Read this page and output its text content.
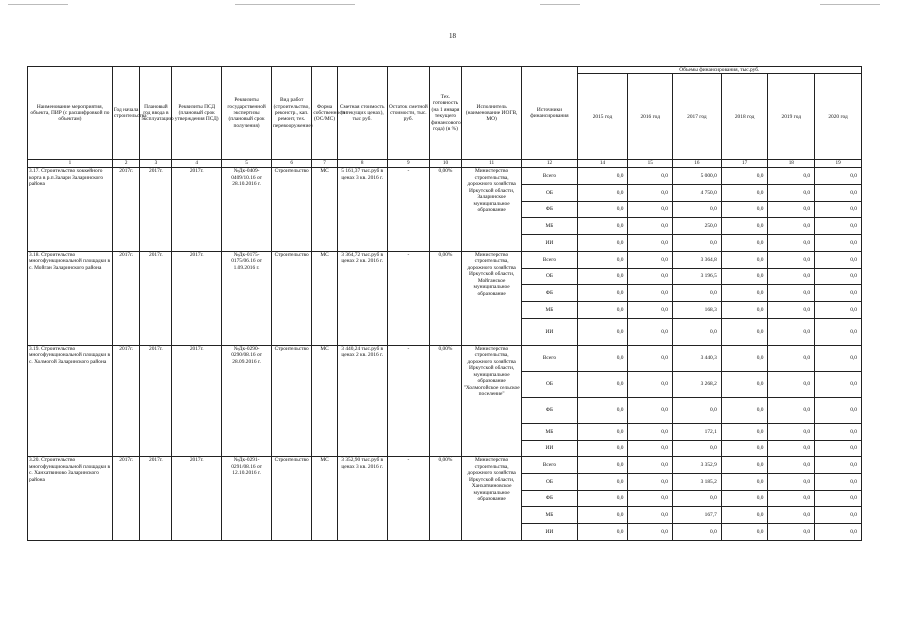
18
Наименование мероприятия, объекта, ПИР (с расшифровкой по объектам)	Год начала строительства	Плановый год ввода в эксплуатацию	Реквизиты ПСД (плановый срок утверждения ПСД)	Реквизиты государственной экспертизы (плановый срок получения)	Вид работ (строительство, реконстр., кап. ремонт, тех. перевооружение)	Форма собственности (ОС/МС)	Сметная стоимость (в текущих ценах), тыс руб.	Остаток сметной стоимости, тыс. руб.	Тех. готовность (на 1 января текущего финансового года) (в %)	Исполнитель (наименование ИОГВ, МО)	Источники финансирования	Объемы финансирования, тыс.руб.					
												2015 год	2016 год	2017 год	2018 год	2019 год	2020 год
1	2	3	4	5	6	7	8	9	10	11	12	14	15	16	17	18	19
3.17. Строительство хоккейного корта в р.п.Залари Заларинского района	2017г.	2017г.	2017г.	№Дк-0409-0409/10.16 от 28.10.2016 г.	Строительство	МС	5 161,37 тыс.руб в ценах 3 кв. 2016 г.	-	0,00%	Министерство строительства, дорожного хозяйства Иркутской области, Заларинское муниципальное образование	Всего	0,0	0,0	5 000,0	0,0	0,0	0,0
											ОБ	0,0	0,0	4 750,0	0,0	0,0	0,0
											ФБ	0,0	0,0	0,0	0,0	0,0	0,0
											МБ	0,0	0,0	250,0	0,0	0,0	0,0
											ИИ	0,0	0,0	0,0	0,0	0,0	0,0
3.18. Строительство многофункциональной площадки в с. Мойган Заларинского района	2017г.	2017г.	2017г.	№Дк-0175-0175/06.16 от 1.09.2016 г.	Строительство	МС	3 364,72 тыс.руб в ценах 2 кв. 2016 г.	-	0,00%	Министерство строительства, дорожного хозяйства Иркутской области, Мойганское муниципальное образование	Всего	0,0	0,0	3 364,8	0,0	0,0	0,0
											ОБ	0,0	0,0	3 196,5	0,0	0,0	0,0
											ФБ	0,0	0,0	0,0	0,0	0,0	0,0
											МБ	0,0	0,0	168,3	0,0	0,0	0,0
											ИИ	0,0	0,0	0,0	0,0	0,0	0,0
3.19. Строительство многофункциональной площадки в с. Холмогой Заларинского района	2017г.	2017г.	2017г.	№Дк-0290-0290/08.16 от 28.09.2016 г.	Строительство	МС	3 440,24 тыс.руб в ценах 2 кв. 2016 г.	-	0,00%	Министерство строительства, дорожного хозяйства Иркутской области, муниципальное образование "Холмогойское сельское поселение"	Всего	0,0	0,0	3 440,3	0,0	0,0	0,0
											ОБ	0,0	0,0	3 268,2	0,0	0,0	0,0
											ФБ	0,0	0,0	0,0	0,0	0,0	0,0
											МБ	0,0	0,0	172,1	0,0	0,0	0,0
											ИИ	0,0	0,0	0,0	0,0	0,0	0,0
3.20. Строительство многофункциональной площадки в с. Ханхатвиново Заларинского района	2017г.	2017г.	2017г.	№Дк-0291-0291/08.16 от 12.10.2016 г.	Строительство	МС	3 352,90 тыс.руб в ценах 3 кв. 2016 г.	-	0,00%	Министерство строительства, дорожного хозяйства Иркутской области, Ханхатвиновское муниципальное образование	Всего	0,0	0,0	3 352,9	0,0	0,0	0,0
											ОБ	0,0	0,0	3 185,2	0,0	0,0	0,0
											ФБ	0,0	0,0	0,0	0,0	0,0	0,0
											МБ	0,0	0,0	167,7	0,0	0,0	0,0
											ИИ	0,0	0,0	0,0	0,0	0,0	0,0
